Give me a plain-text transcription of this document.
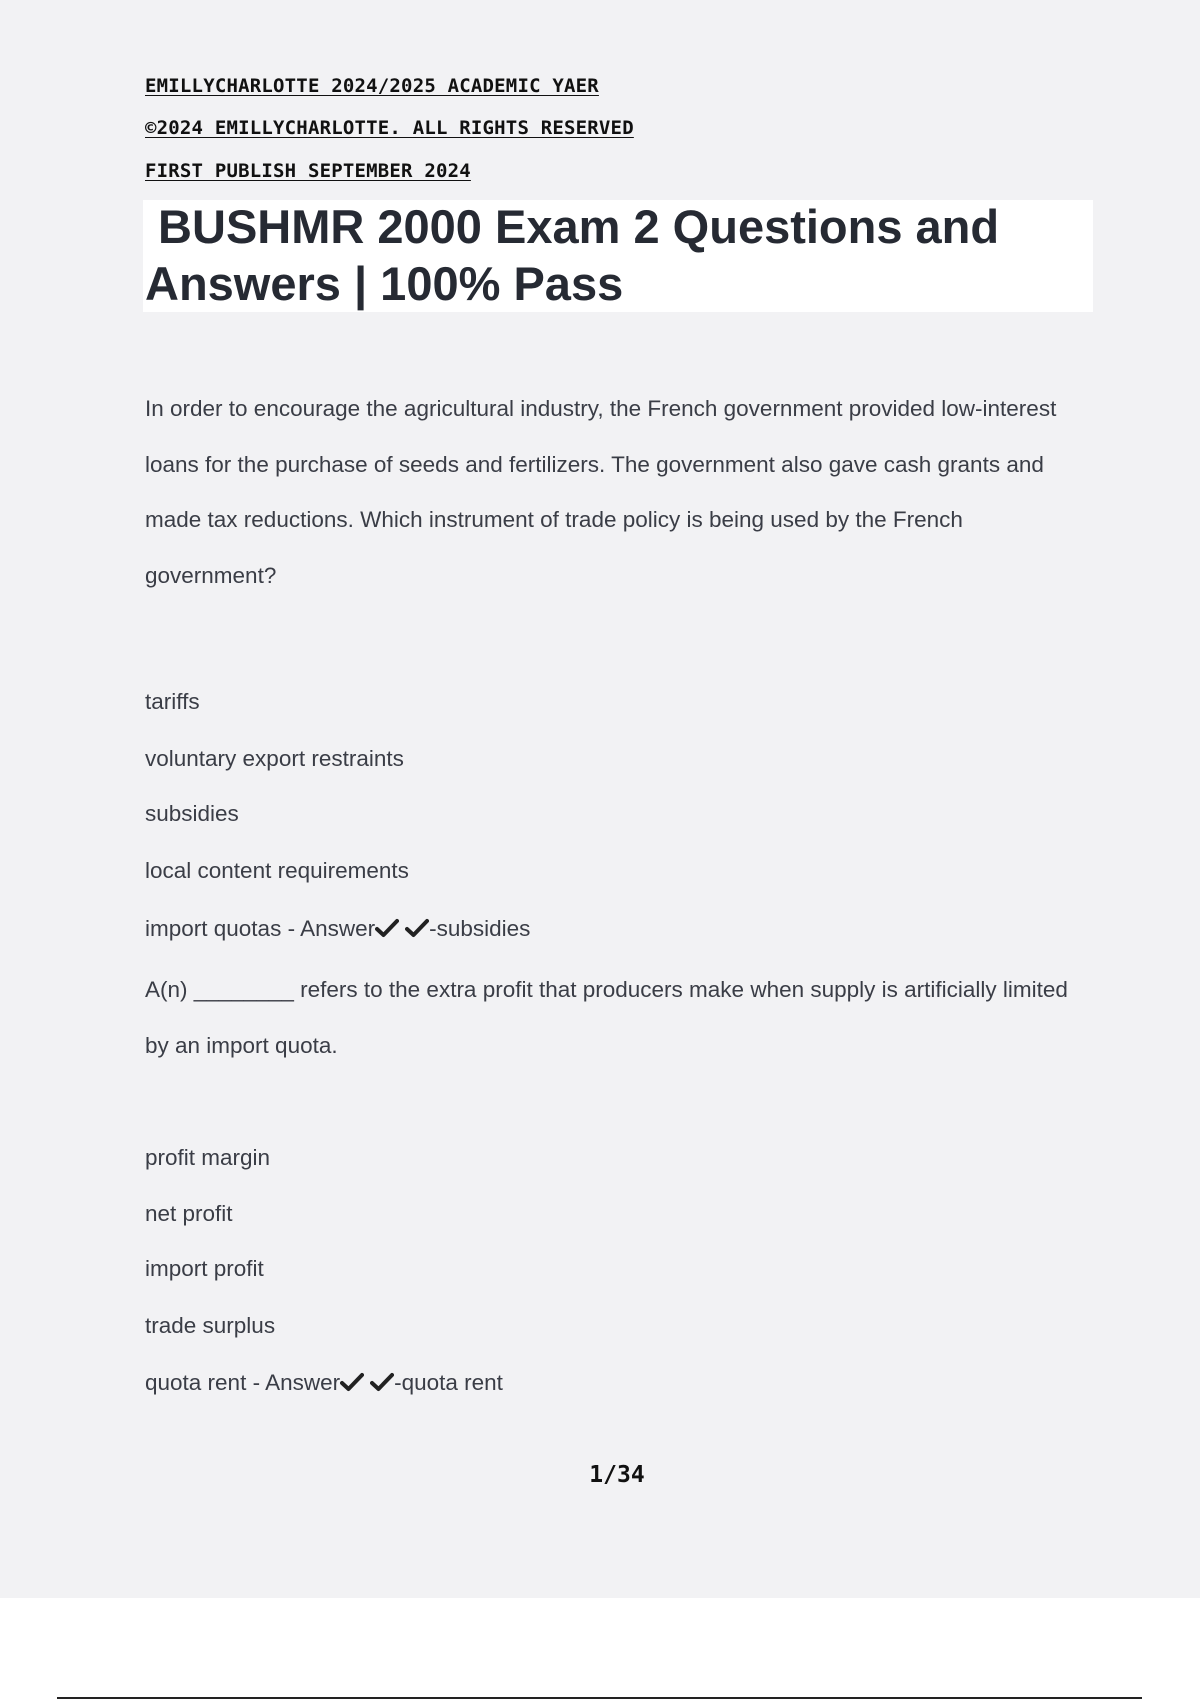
EMILLYCHARLOTTE 2024/2025 ACADEMIC YAER
©2024 EMILLYCHARLOTTE. ALL RIGHTS RESERVED
FIRST PUBLISH SEPTEMBER 2024
BUSHMR 2000 Exam 2 Questions and
Answers | 100% Pass

In order to encourage the agricultural industry, the French government provided low-interest loans for the purchase of seeds and fertilizers. The government also gave cash grants and made tax reductions. Which instrument of trade policy is being used by the French government?

tariffs
voluntary export restraints
subsidies
local content requirements
import quotas - Answer -subsidies

A(n) ________ refers to the extra profit that producers make when supply is artificially limited by an import quota.

profit margin
net profit
import profit
trade surplus
quota rent - Answer -quota rent
1/34
